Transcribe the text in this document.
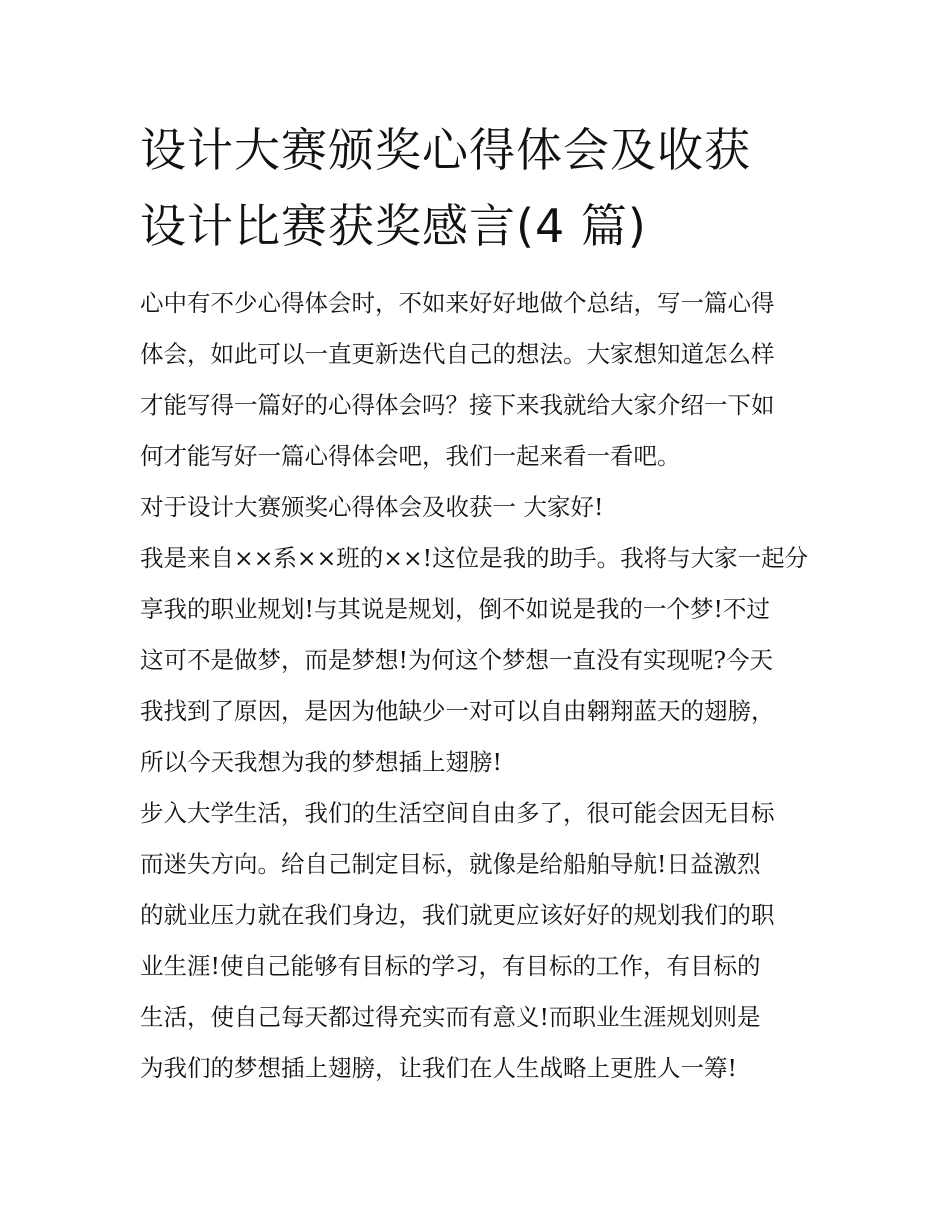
设计大赛颁奖心得体会及收获
设计比赛获奖感言(4 篇)
心中有不少心得体会时，不如来好好地做个总结，写一篇心得
体会，如此可以一直更新迭代自己的想法。大家想知道怎么样
才能写得一篇好的心得体会吗？接下来我就给大家介绍一下如
何才能写好一篇心得体会吧，我们一起来看一看吧。
对于设计大赛颁奖心得体会及收获一 大家好!
我是来自××系××班的××!这位是我的助手。我将与大家一起分
享我的职业规划!与其说是规划，倒不如说是我的一个梦!不过
这可不是做梦，而是梦想!为何这个梦想一直没有实现呢?今天
我找到了原因，是因为他缺少一对可以自由翱翔蓝天的翅膀，
所以今天我想为我的梦想插上翅膀!
步入大学生活，我们的生活空间自由多了，很可能会因无目标
而迷失方向。给自己制定目标，就像是给船舶导航!日益激烈
的就业压力就在我们身边，我们就更应该好好的规划我们的职
业生涯!使自己能够有目标的学习，有目标的工作，有目标的
生活，使自己每天都过得充实而有意义!而职业生涯规划则是
为我们的梦想插上翅膀，让我们在人生战略上更胜人一筹!
